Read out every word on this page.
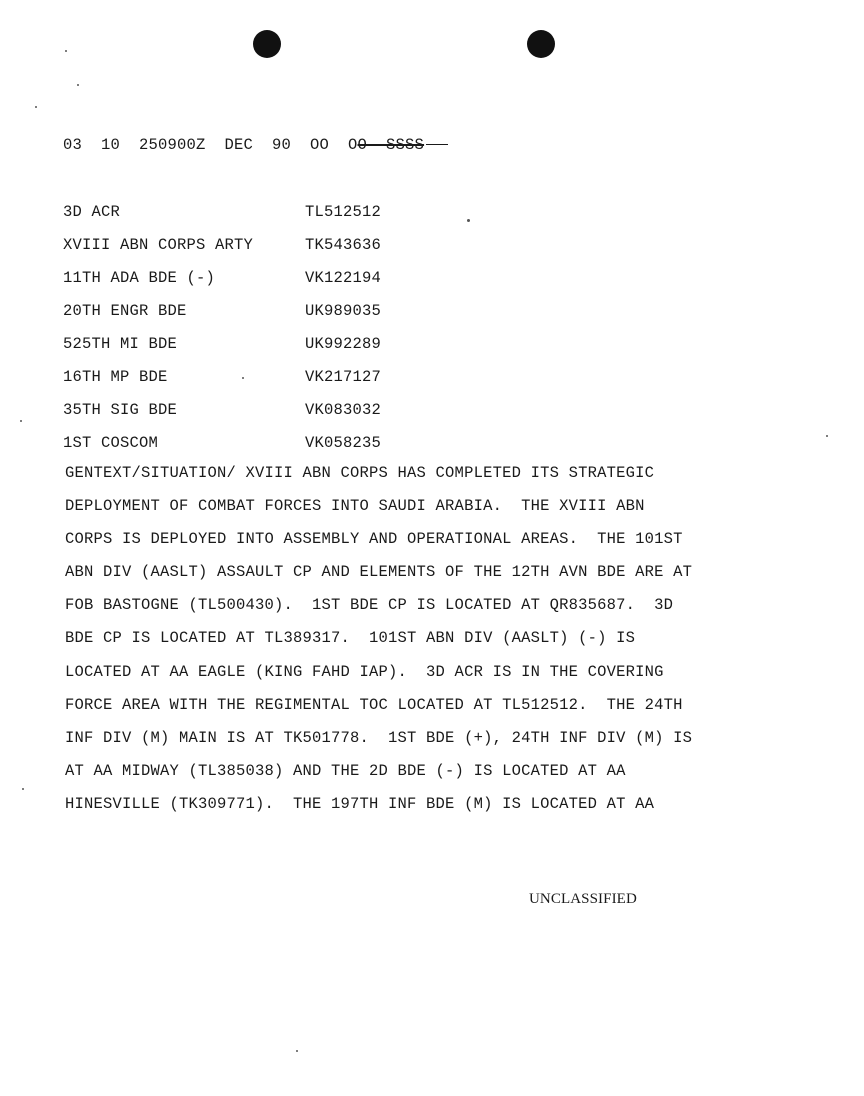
03  10  250900Z  DEC  90  OO  OO  SSSS
3D ACR	TL512512
XVIII ABN CORPS ARTY	TK543636
11TH ADA BDE (-)	VK122194
20TH ENGR BDE	UK989035
525TH MI BDE	UK992289
16TH MP BDE	VK217127
35TH SIG BDE	VK083032
1ST COSCOM	VK058235
GENTEXT/SITUATION/ XVIII ABN CORPS HAS COMPLETED ITS STRATEGIC
DEPLOYMENT OF COMBAT FORCES INTO SAUDI ARABIA.  THE XVIII ABN
CORPS IS DEPLOYED INTO ASSEMBLY AND OPERATIONAL AREAS.  THE 101ST
ABN DIV (AASLT) ASSAULT CP AND ELEMENTS OF THE 12TH AVN BDE ARE AT
FOB BASTOGNE (TL500430).  1ST BDE CP IS LOCATED AT QR835687.  3D
BDE CP IS LOCATED AT TL389317.  101ST ABN DIV (AASLT) (-) IS
LOCATED AT AA EAGLE (KING FAHD IAP).  3D ACR IS IN THE COVERING
FORCE AREA WITH THE REGIMENTAL TOC LOCATED AT TL512512.  THE 24TH
INF DIV (M) MAIN IS AT TK501778.  1ST BDE (+), 24TH INF DIV (M) IS
AT AA MIDWAY (TL385038) AND THE 2D BDE (-) IS LOCATED AT AA
HINESVILLE (TK309771).  THE 197TH INF BDE (M) IS LOCATED AT AA
UNCLASSIFIED
